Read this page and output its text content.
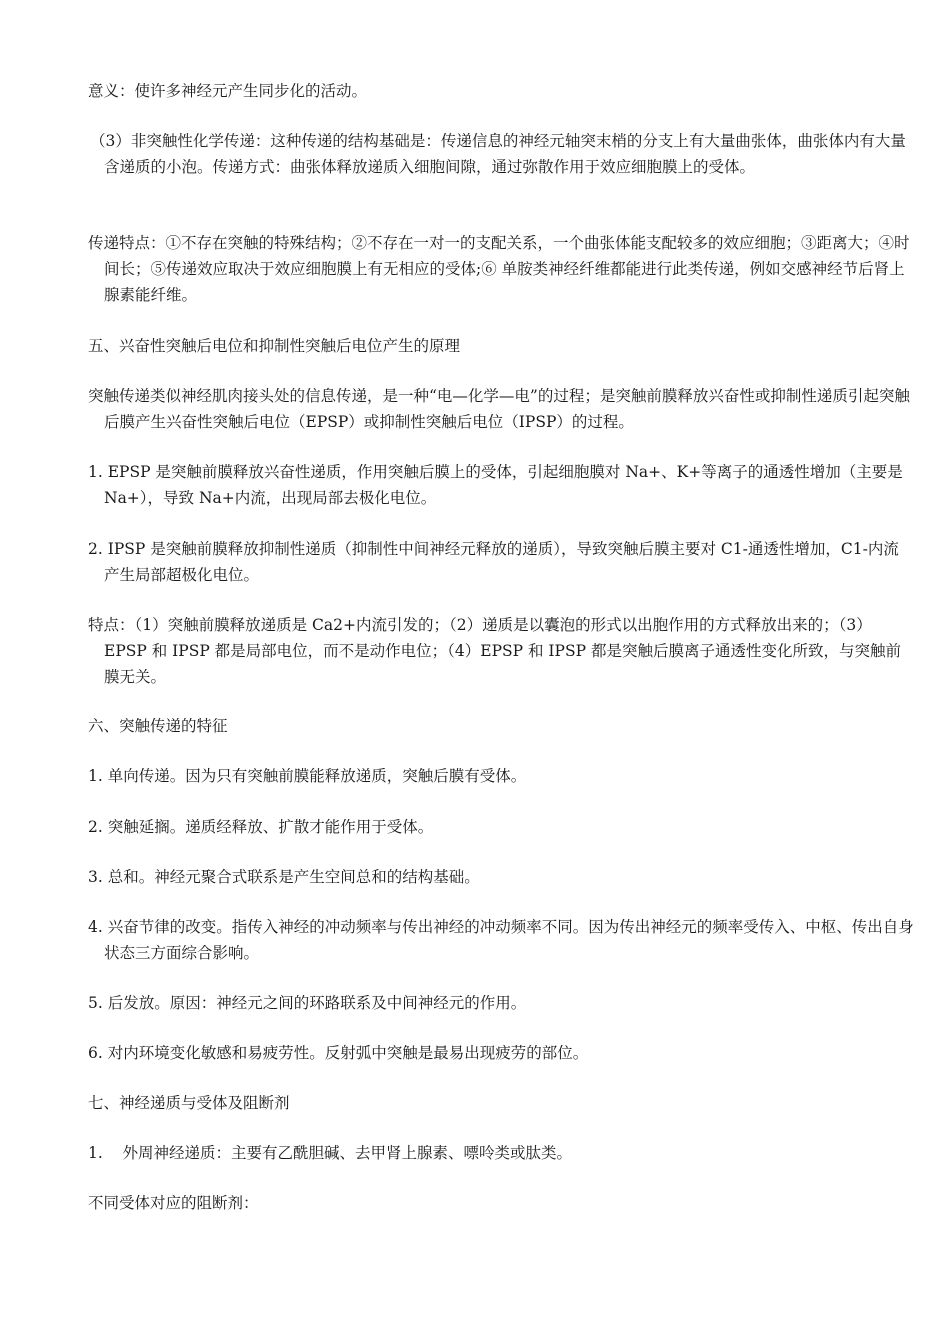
意义：使许多神经元产生同步化的活动。

（3）非突触性化学传递：这种传递的结构基础是：传递信息的神经元轴突末梢的分支上有大量曲张体，曲张体内有大量含递质的小泡。传递方式：曲张体释放递质入细胞间隙，通过弥散作用于效应细胞膜上的受体。

传递特点：①不存在突触的特殊结构；②不存在一对一的支配关系，一个曲张体能支配较多的效应细胞；③距离大；④时间长；⑤传递效应取决于效应细胞膜上有无相应的受体;⑥ 单胺类神经纤维都能进行此类传递，例如交感神经节后肾上腺素能纤维。

五、兴奋性突触后电位和抑制性突触后电位产生的原理

突触传递类似神经肌肉接头处的信息传递，是一种“电—化学—电”的过程；是突触前膜释放兴奋性或抑制性递质引起突触后膜产生兴奋性突触后电位（EPSP）或抑制性突触后电位（IPSP）的过程。

1. EPSP 是突触前膜释放兴奋性递质，作用突触后膜上的受体，引起细胞膜对 Na+、K+等离子的通透性增加（主要是 Na+），导致 Na+内流，出现局部去极化电位。

2. IPSP 是突触前膜释放抑制性递质（抑制性中间神经元释放的递质），导致突触后膜主要对 C1-通透性增加，C1-内流产生局部超极化电位。

特点：（1）突触前膜释放递质是 Ca2+内流引发的；（2）递质是以囊泡的形式以出胞作用的方式释放出来的；（3）EPSP 和 IPSP 都是局部电位，而不是动作电位；（4）EPSP 和 IPSP 都是突触后膜离子通透性变化所致，与突触前膜无关。

六、突触传递的特征

1. 单向传递。因为只有突触前膜能释放递质，突触后膜有受体。

2. 突触延搁。递质经释放、扩散才能作用于受体。

3. 总和。神经元聚合式联系是产生空间总和的结构基础。

4. 兴奋节律的改变。指传入神经的冲动频率与传出神经的冲动频率不同。因为传出神经元的频率受传入、中枢、传出自身状态三方面综合影响。

5. 后发放。原因：神经元之间的环路联系及中间神经元的作用。

6. 对内环境变化敏感和易疲劳性。反射弧中突触是最易出现疲劳的部位。

七、神经递质与受体及阻断剂

1.    外周神经递质：主要有乙酰胆碱、去甲肾上腺素、嘌呤类或肽类。

不同受体对应的阻断剂：
